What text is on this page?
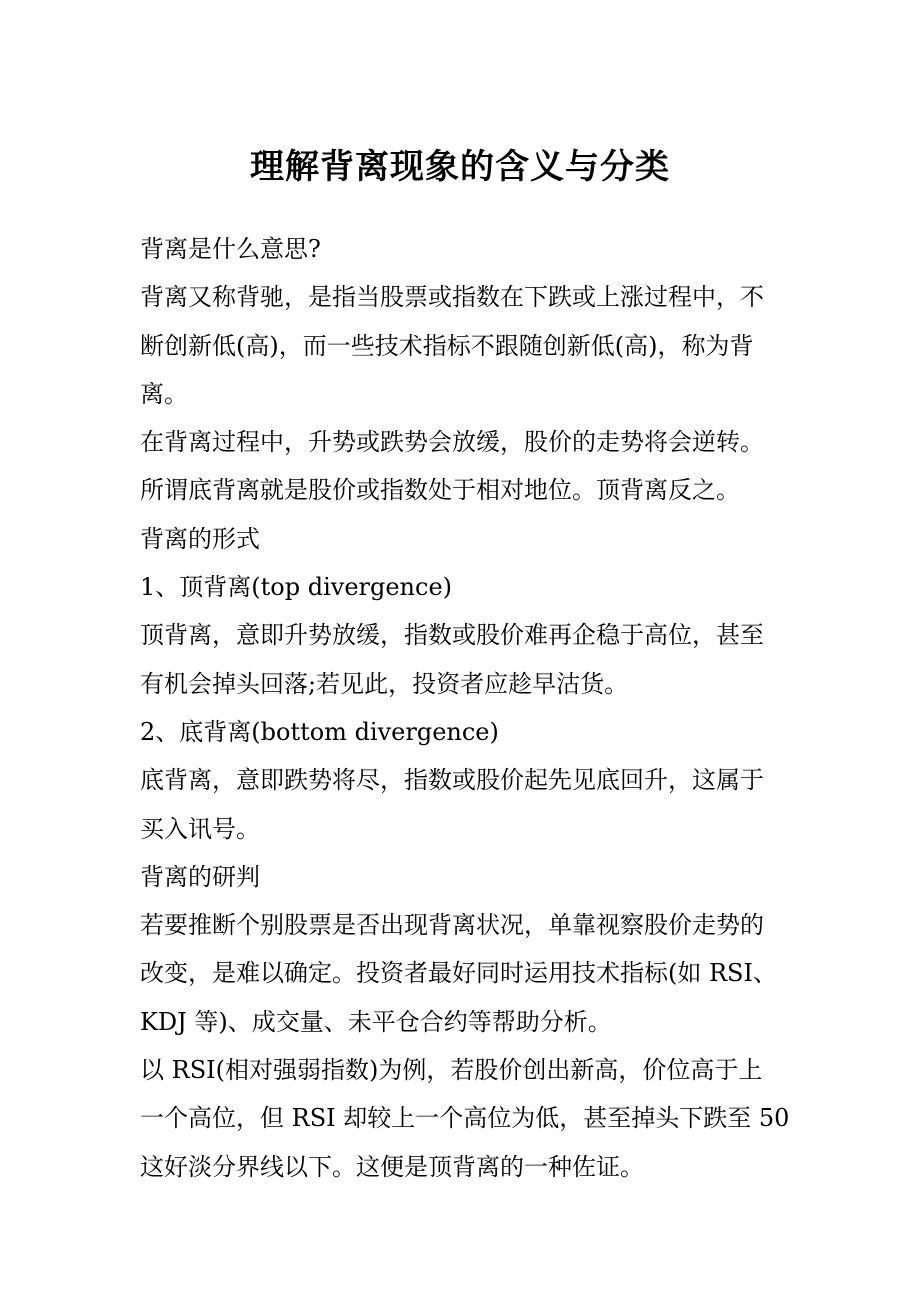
理解背离现象的含义与分类
背离是什么意思?
背离又称背驰，是指当股票或指数在下跌或上涨过程中，不
断创新低(高)，而一些技术指标不跟随创新低(高)，称为背
离。
在背离过程中，升势或跌势会放缓，股价的走势将会逆转。
所谓底背离就是股价或指数处于相对地位。顶背离反之。
背离的形式
1、顶背离(top divergence)
顶背离，意即升势放缓，指数或股价难再企稳于高位，甚至
有机会掉头回落;若见此，投资者应趁早沽货。
2、底背离(bottom divergence)
底背离，意即跌势将尽，指数或股价起先见底回升，这属于
买入讯号。
背离的研判
若要推断个别股票是否出现背离状况，单靠视察股价走势的
改变，是难以确定。投资者最好同时运用技术指标(如 RSI、
KDJ 等)、成交量、未平仓合约等帮助分析。
以 RSI(相对强弱指数)为例，若股价创出新高，价位高于上
一个高位，但 RSI 却较上一个高位为低，甚至掉头下跌至 50
这好淡分界线以下。这便是顶背离的一种佐证。
